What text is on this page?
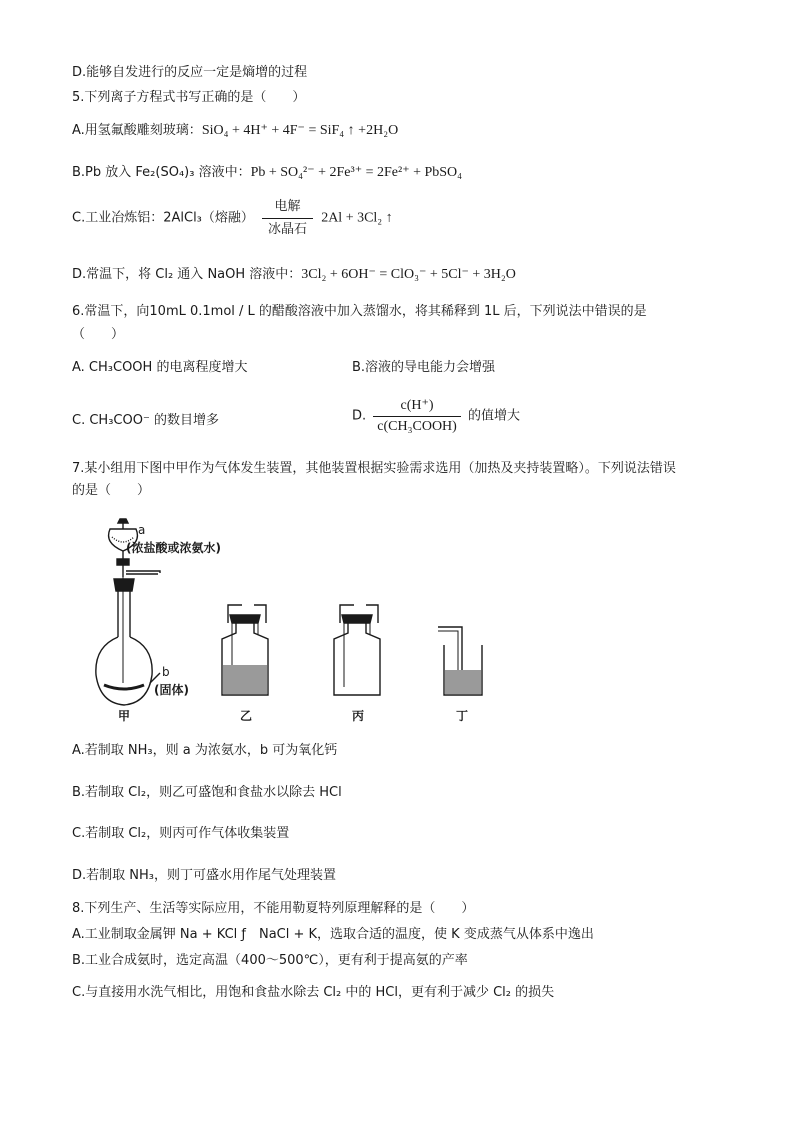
D.能够自发进行的反应一定是熵增的过程
5.下列离子方程式书写正确的是（　　）
A.用氢氟酸雕刻玻璃：SiO₄ + 4H⁺ + 4F⁻ = SiF₄ ↑ +2H₂O
B.Pb 放入 Fe₂(SO₄)₃ 溶液中：Pb + SO₄²⁻ + 2Fe³⁺ = 2Fe²⁺ + PbSO₄
C.工业冶炼铝：2AlCl₃（熔融）
电解
冰晶石
2Al + 3Cl₂ ↑
D.常温下，将 Cl₂ 通入 NaOH 溶液中：3Cl₂ + 6OH⁻ = ClO₃⁻ + 5Cl⁻ + 3H₂O
6.常温下，向10mL 0.1mol / L 的醋酸溶液中加入蒸馏水，将其稀释到 1L 后，下列说法中错误的是
（　　）
A. CH₃COOH 的电离程度增大	B.溶液的导电能力会增强
C. CH₃COO⁻ 的数目增多	D. $\frac{c(H^+)}{\text{c(CH₃COOH)}}$ 的值增大
7.某小组用下图中甲作为气体发生装置，其他装置根据实验需求选用（加热及夹持装置略）。下列说法错误
的是（　　）
a
(浓盐酸或浓氨水)
b
(固体)
甲	乙	丙	丁
A.若制取 NH₃，则 a 为浓氨水，b 可为氧化钙
B.若制取 Cl₂，则乙可盛饱和食盐水以除去 HCl
C.若制取 Cl₂，则丙可作气体收集装置
D.若制取 NH₃，则丁可盛水用作尾气处理装置
8.下列生产、生活等实际应用，不能用勒夏特列原理解释的是（　　）
A.工业制取金属钾 Na + KCl ƒ　NaCl + K，选取合适的温度，使 K 变成蒸气从体系中逸出
B.工业合成氨时，选定高温（400～500℃），更有利于提高氨的产率
C.与直接用水洗气相比，用饱和食盐水除去 Cl₂ 中的 HCl，更有利于减少 Cl₂ 的损失
